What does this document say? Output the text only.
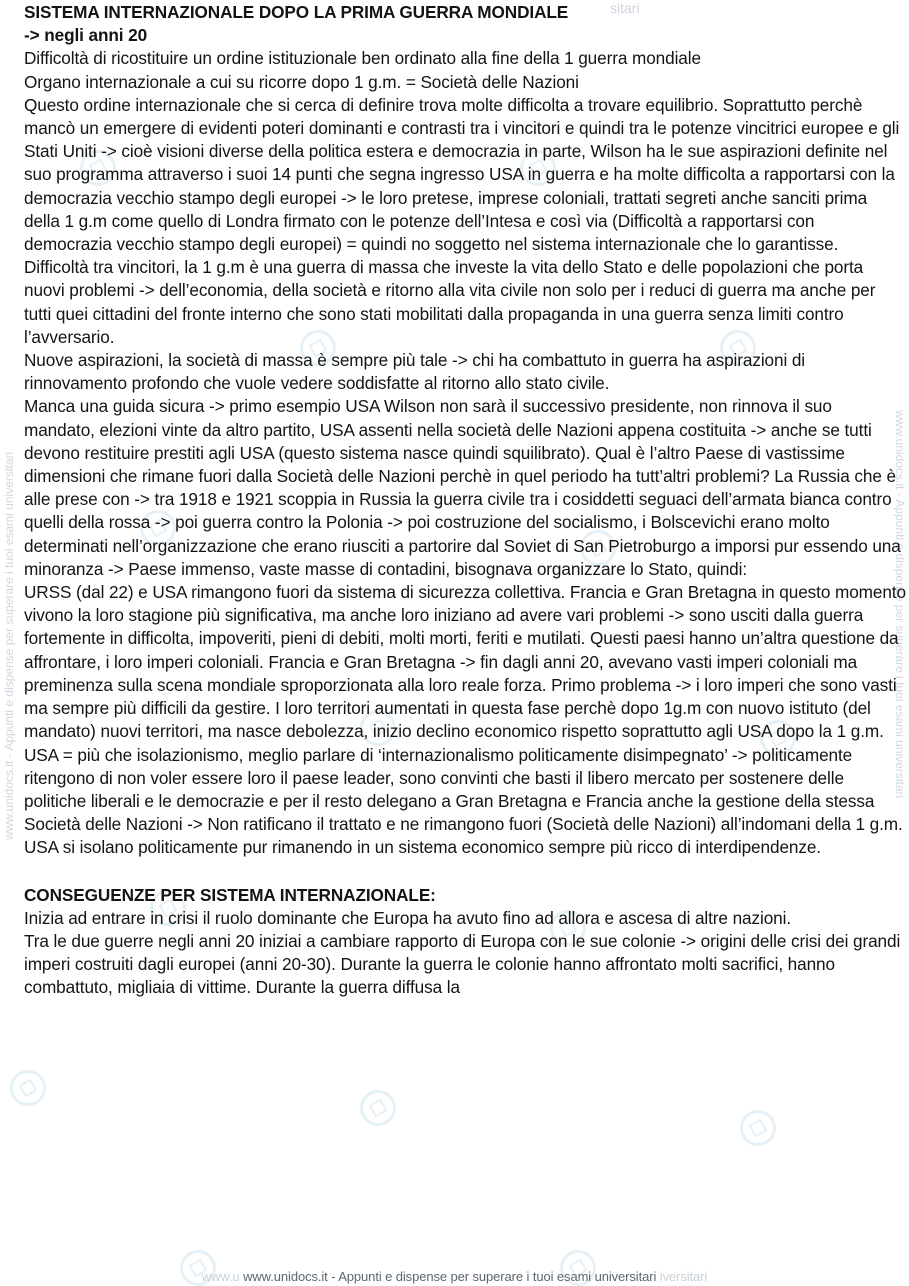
www.unidocs.it - Appunti e dispense per superare i tuoi esami universitari	www.unidocs.it - Appunti e dispense per superare i tuoi esami universitari
sitari

SISTEMA INTERNAZIONALE DOPO LA PRIMA GUERRA MONDIALE

-> negli anni 20

Difficoltà di ricostituire un ordine istituzionale ben ordinato alla fine della 1 guerra mondiale

Organo internazionale a cui su ricorre dopo 1 g.m. = Società delle Nazioni

Questo ordine internazionale che si cerca di definire trova molte difficolta a trovare equilibrio. Soprattutto perchè mancò un emergere di evidenti poteri dominanti e contrasti tra i vincitori e quindi tra le potenze vincitrici europee e gli Stati Uniti -> cioè visioni diverse della politica estera e democrazia in parte, Wilson ha le sue aspirazioni definite nel suo programma attraverso i suoi 14 punti che segna ingresso USA in guerra e ha molte difficolta a rapportarsi con la democrazia vecchio stampo degli europei -> le loro pretese, imprese coloniali, trattati segreti anche sanciti prima della 1 g.m come quello di Londra firmato con le potenze dell’Intesa e così via (Difficoltà a rapportarsi con democrazia vecchio stampo degli europei) = quindi no soggetto nel sistema internazionale che lo garantisse.

Difficoltà tra vincitori, la 1 g.m è una guerra di massa che investe la vita dello Stato e delle popolazioni che porta nuovi problemi -> dell’economia, della società e ritorno alla vita civile non solo per i reduci di guerra ma anche per tutti quei cittadini del fronte interno che sono stati mobilitati dalla propaganda in una guerra senza limiti contro l’avversario.

Nuove aspirazioni, la società di massa è sempre più tale -> chi ha combattuto in guerra ha aspirazioni di rinnovamento profondo che vuole vedere soddisfatte al ritorno allo stato civile.

Manca una guida sicura -> primo esempio USA Wilson non sarà il successivo presidente, non rinnova il suo mandato, elezioni vinte da altro partito, USA assenti nella società delle Nazioni appena costituita -> anche se tutti devono restituire prestiti agli USA (questo sistema nasce quindi squilibrato). Qual è l’altro Paese di vastissime dimensioni che rimane fuori dalla Società delle Nazioni perchè in quel periodo ha tutt’altri problemi? La Russia che è alle prese con -> tra 1918 e 1921 scoppia in Russia la guerra civile tra i cosiddetti seguaci dell’armata bianca contro quelli della rossa -> poi guerra contro la Polonia -> poi costruzione del socialismo, i Bolscevichi erano molto determinati nell’organizzazione che erano riusciti a partorire dal Soviet di San Pietroburgo a imporsi pur essendo una minoranza -> Paese immenso, vaste masse di contadini, bisognava organizzare lo Stato, quindi:

URSS (dal 22) e USA rimangono fuori da sistema di sicurezza collettiva. Francia e Gran Bretagna in questo momento vivono la loro stagione più significativa, ma anche loro iniziano ad avere vari problemi -> sono usciti dalla guerra fortemente in difficolta, impoveriti, pieni di debiti, molti morti, feriti e mutilati. Questi paesi hanno un’altra questione da affrontare, i loro imperi coloniali. Francia e Gran Bretagna -> fin dagli anni 20, avevano vasti imperi coloniali ma preminenza sulla scena mondiale sproporzionata alla loro reale forza. Primo problema -> i loro imperi che sono vasti ma sempre più difficili da gestire. I loro territori aumentati in questa fase perchè dopo 1g.m con nuovo istituto (del mandato) nuovi territori, ma nasce debolezza, inizio declino economico rispetto soprattutto agli USA dopo la 1 g.m.

USA = più che isolazionismo, meglio parlare di ‘internazionalismo politicamente disimpegnato’ -> politicamente ritengono di non voler essere loro il paese leader, sono convinti che basti il libero mercato per sostenere delle politiche liberali e le democrazie e per il resto delegano a Gran Bretagna e Francia anche la gestione della stessa Società delle Nazioni -> Non ratificano il trattato e ne rimangono fuori (Società delle Nazioni) all’indomani della 1 g.m.

USA si isolano politicamente pur rimanendo in un sistema economico sempre più ricco di interdipendenze.

CONSEGUENZE PER SISTEMA INTERNAZIONALE:

Inizia ad entrare in crisi il ruolo dominante che Europa ha avuto fino ad allora e ascesa di altre nazioni.

Tra le due guerre negli anni 20 iniziai a cambiare rapporto di Europa con le sue colonie -> origini delle crisi dei grandi imperi costruiti dagli europei (anni 20-30). Durante la guerra le colonie hanno affrontato molti sacrifici, hanno combattuto, migliaia di vittime. Durante la guerra diffusa la

www.u www.unidocs.it - Appunti e dispense per superare i tuoi esami universitari iversitari
